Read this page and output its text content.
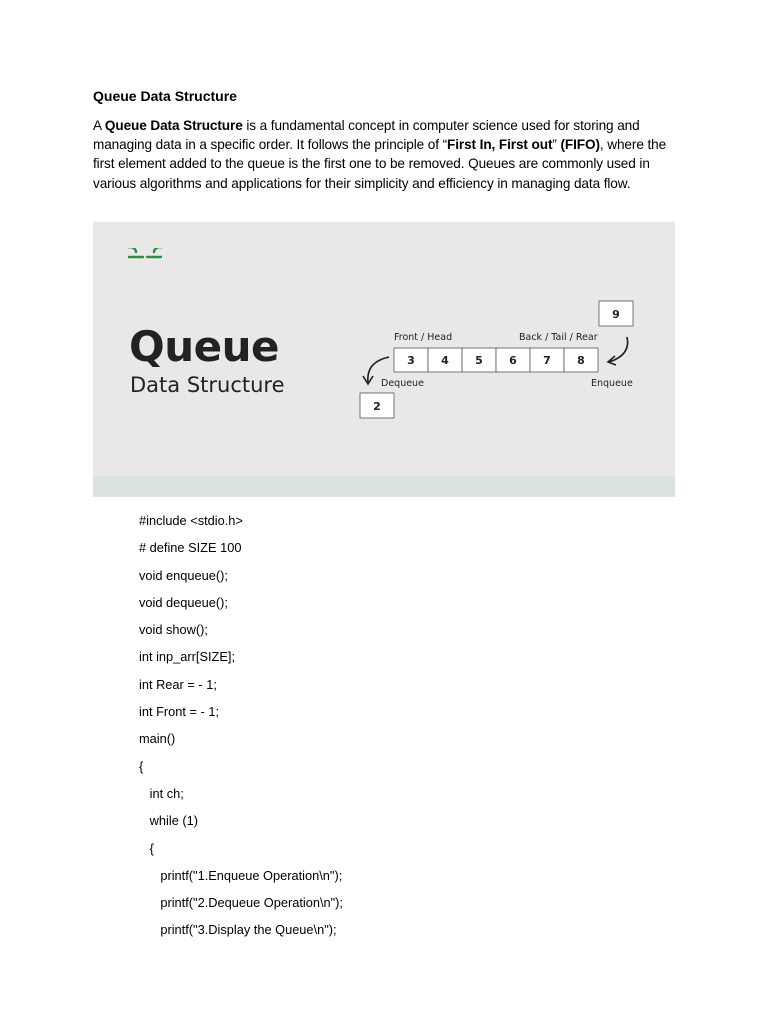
Queue Data Structure

A Queue Data Structure is a fundamental concept in computer science used for storing and managing data in a specific order. It follows the principle of “First In, First out” (FIFO), where the first element added to the queue is the first one to be removed. Queues are commonly used in various algorithms and applications for their simplicity and efficiency in managing data flow.

Queue
Data Structure
Front / Head	Back / Tail / Rear
3 4 5 6 7 8
9
Enqueue
Dequeue
2
#include <stdio.h>
# define SIZE 100
void enqueue();
void dequeue();
void show();
int inp_arr[SIZE];
int Rear = - 1;
int Front = - 1;
main()
{
int ch;
while (1)
{
printf("1.Enqueue Operation\n");
printf("2.Dequeue Operation\n");
printf("3.Display the Queue\n");
